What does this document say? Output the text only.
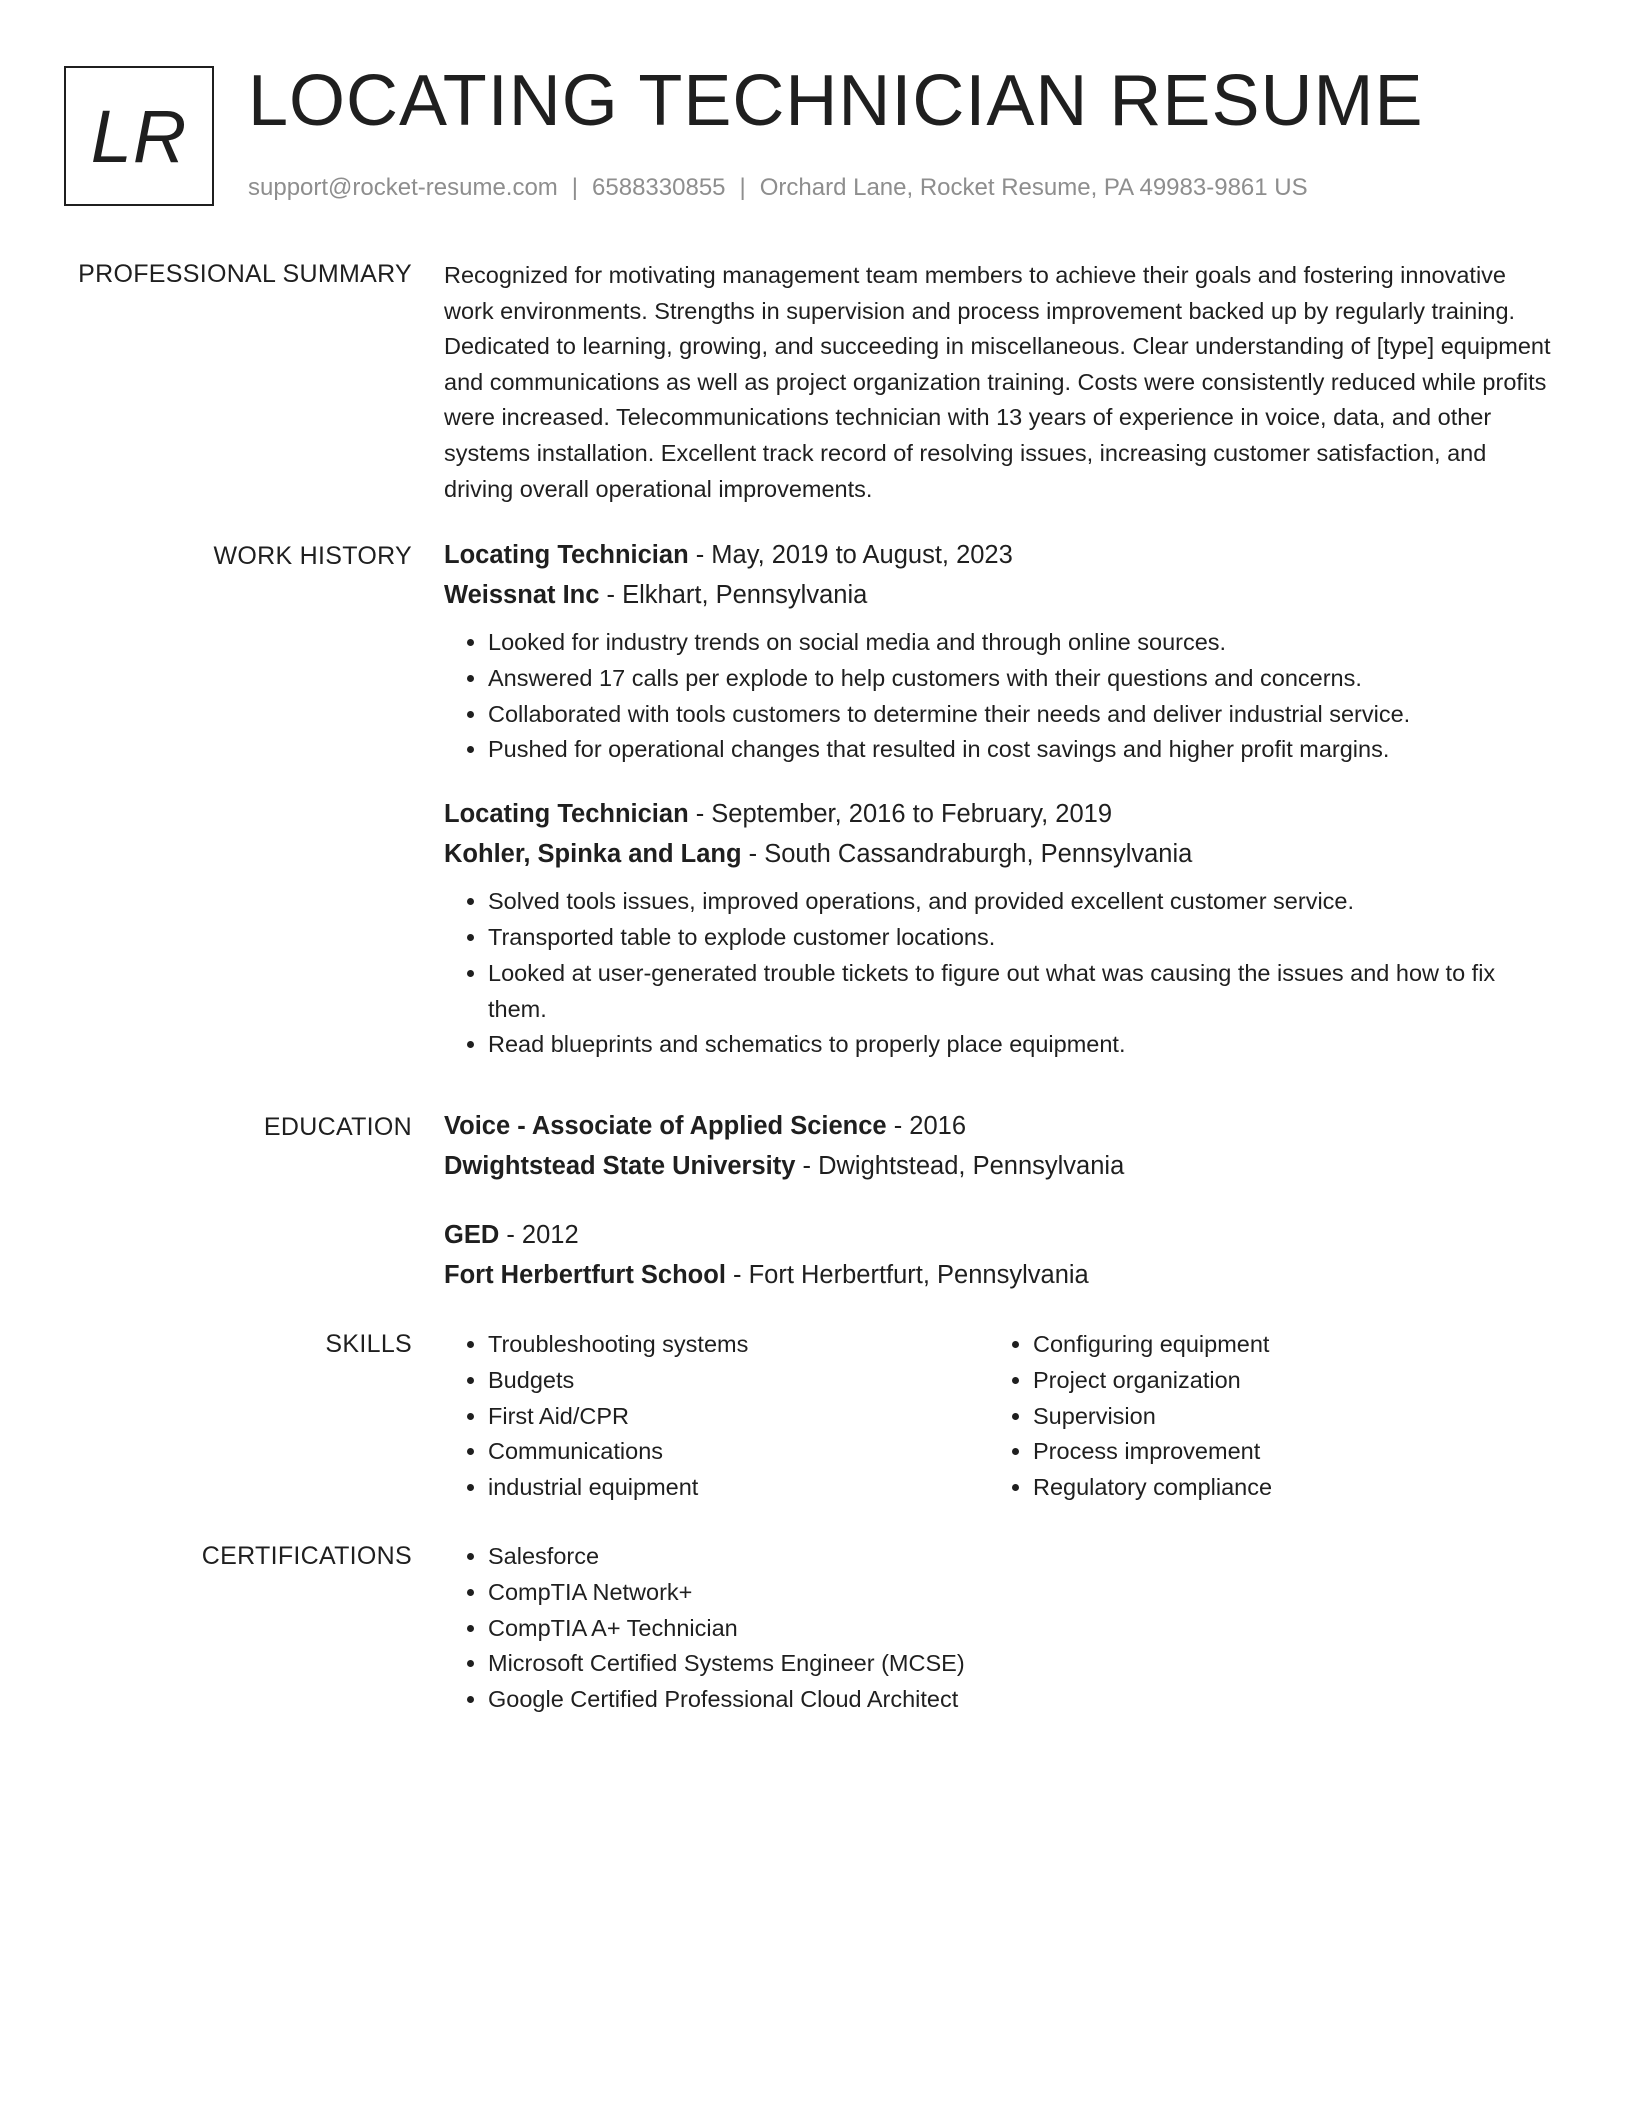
LR LOCATING TECHNICIAN RESUME
support@rocket-resume.com | 6588330855 | Orchard Lane, Rocket Resume, PA 49983-9861 US
PROFESSIONAL SUMMARY Recognized for motivating management team members to achieve their goals and fostering innovative work environments. Strengths in supervision and process improvement backed up by regularly training. Dedicated to learning, growing, and succeeding in miscellaneous. Clear understanding of [type] equipment and communications as well as project organization training. Costs were consistently reduced while profits were increased. Telecommunications technician with 13 years of experience in voice, data, and other systems installation. Excellent track record of resolving issues, increasing customer satisfaction, and driving overall operational improvements.

WORK HISTORY Locating Technician - May, 2019 to August, 2023

Weissnat Inc - Elkhart, Pennsylvania

• Looked for industry trends on social media and through online sources.
• Answered 17 calls per explode to help customers with their questions and concerns.
• Collaborated with tools customers to determine their needs and deliver industrial service.
• Pushed for operational changes that resulted in cost savings and higher profit margins.

Locating Technician - September, 2016 to February, 2019

Kohler, Spinka and Lang - South Cassandraburgh, Pennsylvania

• Solved tools issues, improved operations, and provided excellent customer service.
• Transported table to explode customer locations.
• Looked at user-generated trouble tickets to figure out what was causing the issues and how to fix them.
• Read blueprints and schematics to properly place equipment.
EDUCATION Voice - Associate of Applied Science - 2016

Dwightstead State University - Dwightstead, Pennsylvania

GED - 2012

Fort Herbertfurt School - Fort Herbertfurt, Pennsylvania

SKILLS	• Troubleshooting systems
• Budgets
• First Aid/CPR
• Communications
• industrial equipment
• Configuring equipment
• Project organization
• Supervision
• Process improvement
• Regulatory compliance
CERTIFICATIONS	• Salesforce
• CompTIA Network+
• CompTIA A+ Technician
• Microsoft Certified Systems Engineer (MCSE)
• Google Certified Professional Cloud Architect
